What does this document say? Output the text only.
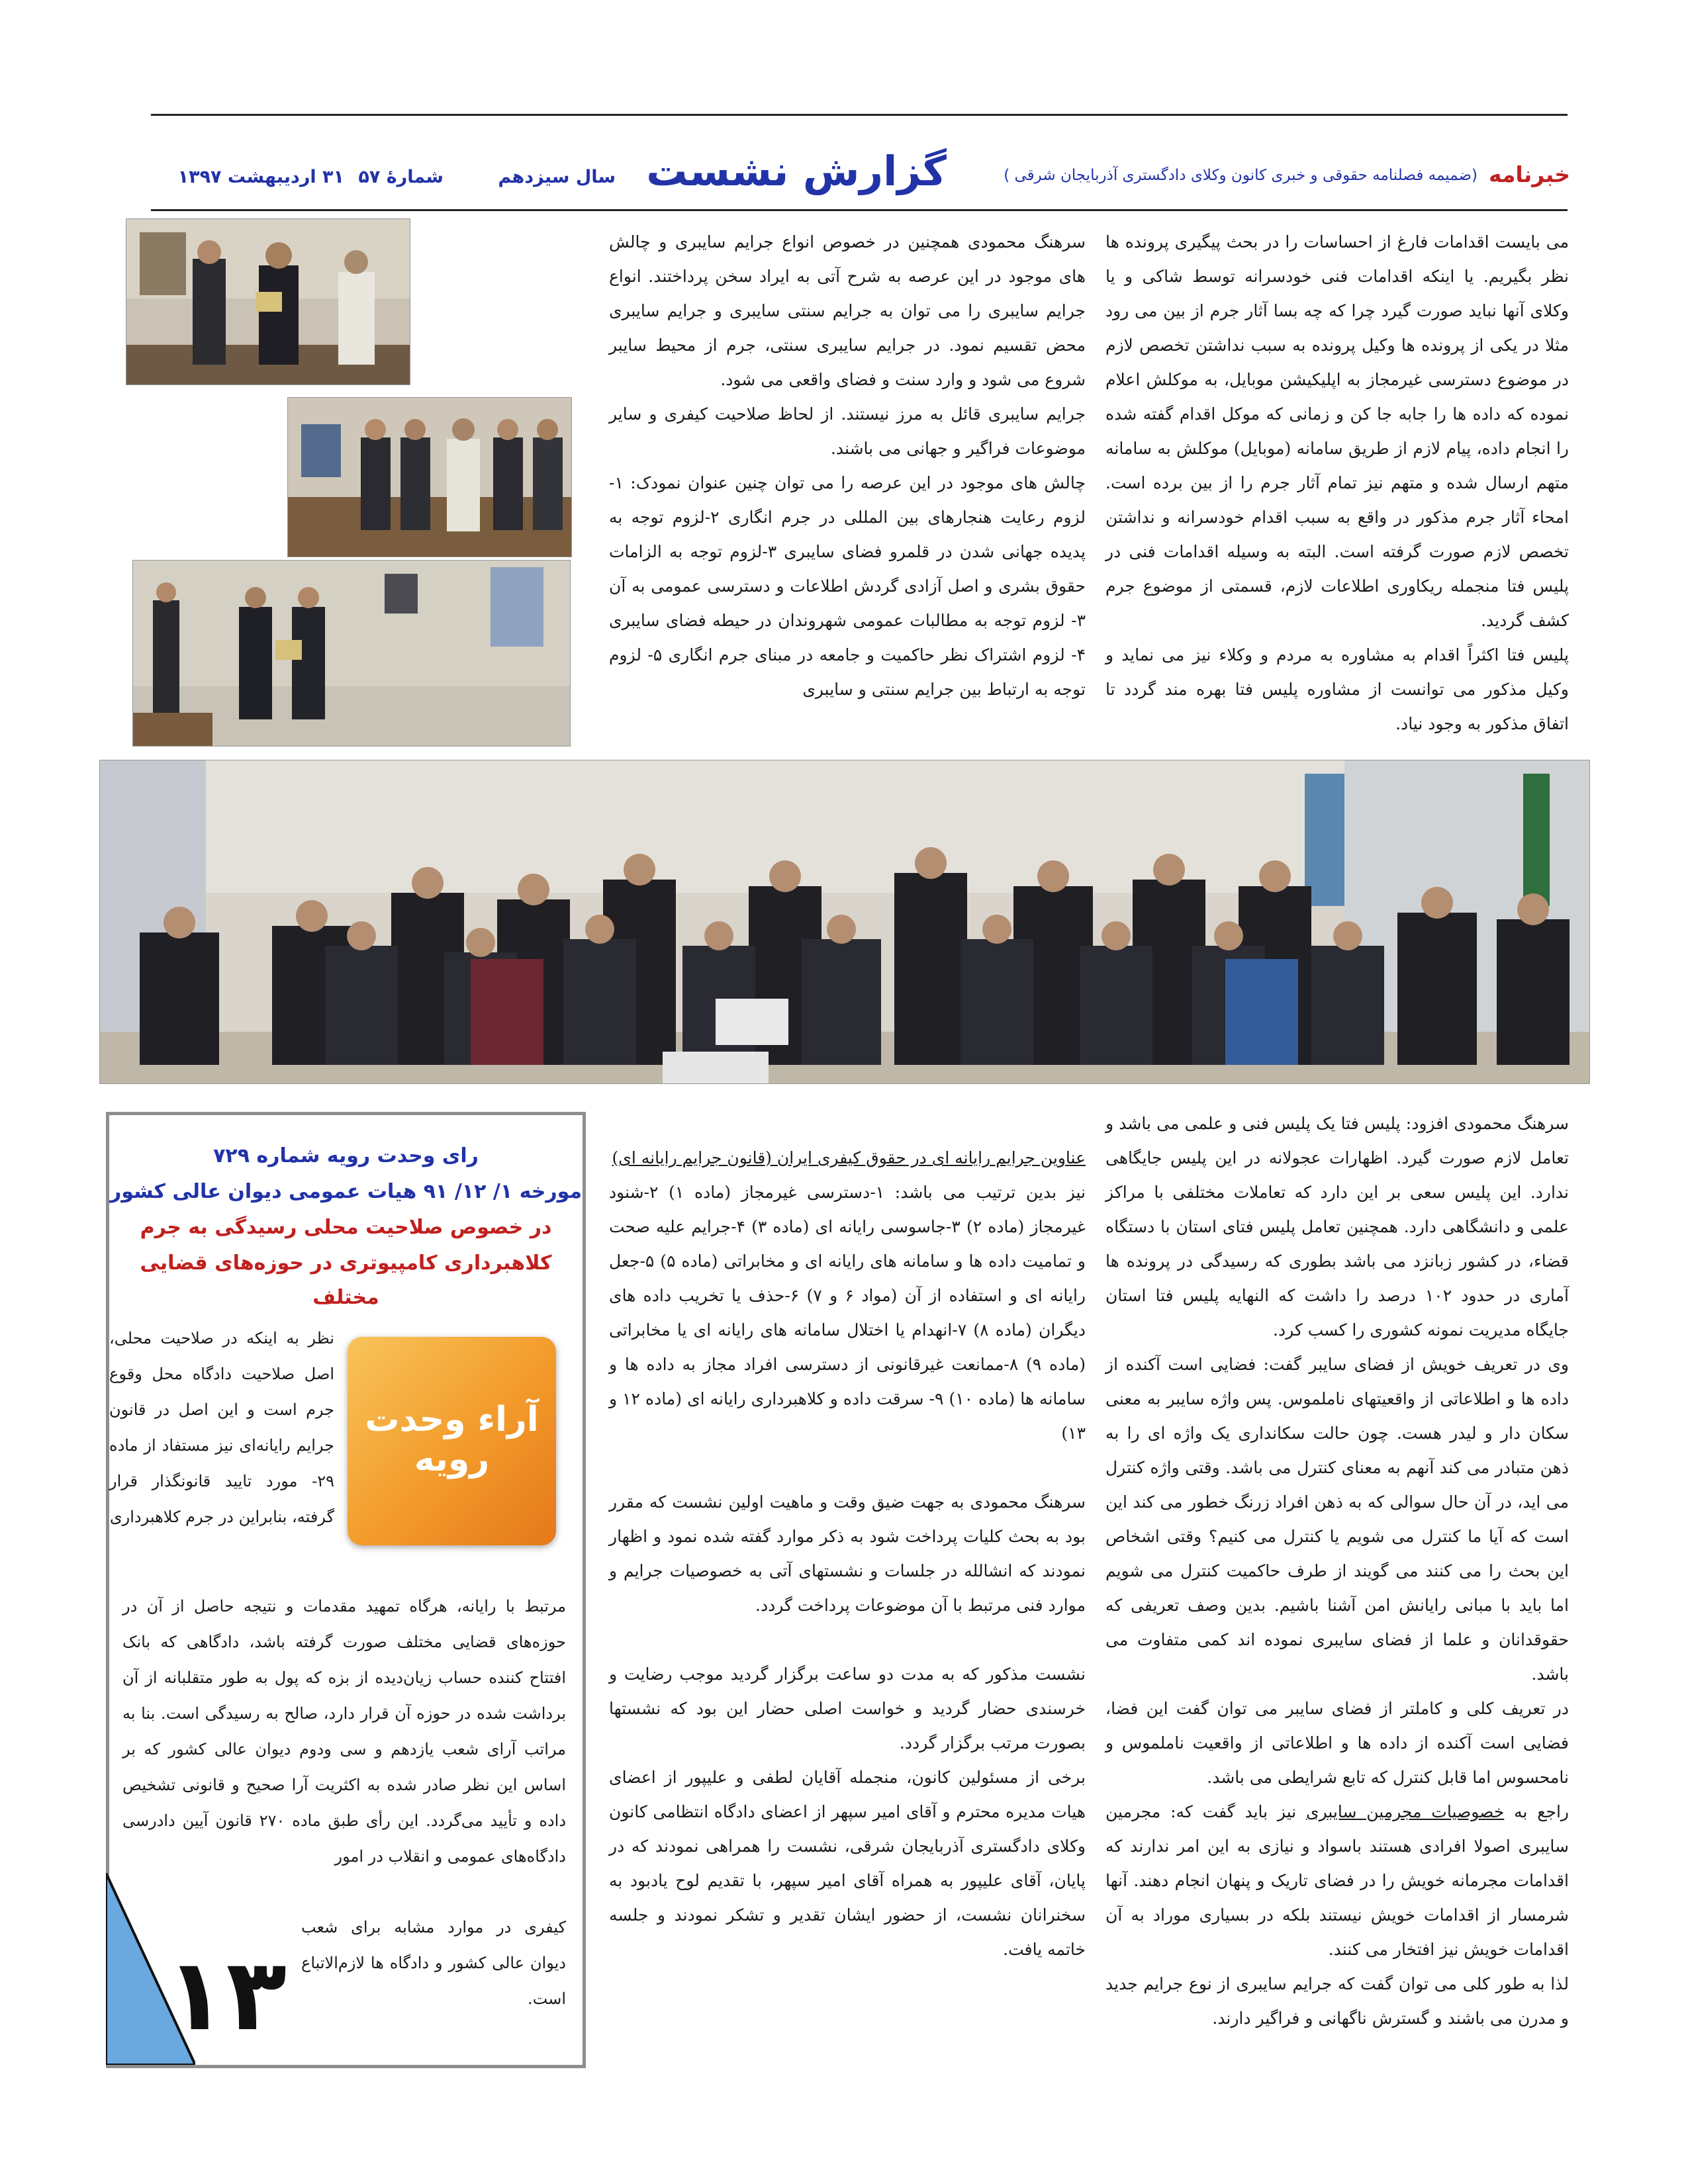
خبرنامه
(ضمیمه فصلنامه حقوقی و خبری کانون وکلای دادگستری آذربایجان شرقی )
گزارش نشست
سال سیزدهم
شمارۀ ۵۷
۳۱ اردیبهشت ۱۳۹۷

می بایست اقدامات فارغ از احساسات را در بحث پیگیری پرونده ها نظر بگیریم. یا اینکه اقدامات فنی خودسرانه توسط شاکی و یا وکلای آنها نباید صورت گیرد چرا که چه بسا آثار جرم از بین می رود مثلا در یکی از پرونده ها وکیل پرونده به سبب نداشتن تخصص لازم در موضوع دسترسی غیرمجاز به اپلیکیشن موبایل، به موکلش اعلام نموده که داده ها را جابه جا کن و زمانی که موکل اقدام گفته شده را انجام داده، پیام لازم از طریق سامانه (موبایل) موکلش به سامانه متهم ارسال شده و متهم نیز تمام آثار جرم را از بین برده است. امحاء آثار جرم مذکور در واقع به سبب اقدام خودسرانه و نداشتن تخصص لازم صورت گرفته است. البته به وسیله اقدامات فنی در پلیس فتا منجمله ریکاوری اطلاعات لازم، قسمتی از موضوع جرم کشف گردید.

پلیس فتا اکثراً اقدام به مشاوره به مردم و وکلاء نیز می نماید و وکیل مذکور می توانست از مشاوره پلیس فتا بهره مند گردد تا اتفاق مذکور به وجود نیاد.

سرهنگ محمودی همچنین در خصوص انواع جرایم سایبری و چالش های موجود در این عرصه به شرح آتی به ایراد سخن پرداختند. انواع جرایم سایبری را می توان به جرایم سنتی سایبری و جرایم سایبری محض تقسیم نمود. در جرایم سایبری سنتی، جرم از محیط سایبر شروع می شود و وارد سنت و فضای واقعی می شود.

جرایم سایبری قائل به مرز نیستند. از لحاظ صلاحیت کیفری و سایر موضوعات فراگیر و جهانی می باشند.

چالش های موجود در این عرصه را می توان چنین عنوان نمودک: ۱- لزوم رعایت هنجارهای بین المللی در جرم انگاری ۲-لزوم توجه به پدیده جهانی شدن در قلمرو فضای سایبری ۳-لزوم توجه به الزامات حقوق بشری و اصل آزادی گردش اطلاعات و دسترسی عمومی به آن ۳- لزوم توجه به مطالبات عمومی شهروندان در حیطه فضای سایبری ۴- لزوم اشتراک نظر حاکمیت و جامعه در مبنای جرم انگاری ۵- لزوم توجه به ارتباط بین جرایم سنتی و سایبری

سرهنگ محمودی افزود: پلیس فتا یک پلیس فنی و علمی می باشد و تعامل لازم صورت گیرد. اظهارات عجولانه در این پلیس جایگاهی ندارد. این پلیس سعی بر این دارد که تعاملات مختلفی با مراکز علمی و دانشگاهی دارد. همچنین تعامل پلیس فتای استان با دستگاه قضاء، در کشور زبانزد می باشد بطوری که رسیدگی در پرونده ها آماری در حدود ۱۰۲ درصد را داشت که النهایه پلیس فتا استان جایگاه مدیریت نمونه کشوری را کسب کرد.

وی در تعریف خویش از فضای سایبر گفت: فضایی است آکنده از داده ها و اطلاعاتی از واقعیتهای ناملموس. پس واژه سایبر به معنی سکان دار و لیدر هست. چون حالت سکانداری یک واژه ای را به ذهن متبادر می کند آنهم به معنای کنترل می باشد. وقتی واژه کنترل می اید، در آن حال سوالی که به ذهن افراد زرنگ خطور می کند این است که آیا ما کنترل می شویم یا کنترل می کنیم؟ وقتی اشخاص این بحث را می کنند می گویند از طرف حاکمیت کنترل می شویم اما باید با مبانی رایانش امن آشنا باشیم. بدین وصف تعریفی که حقوقدانان و علما از فضای سایبری نموده اند کمی متفاوت می باشد.

در تعریف کلی و کاملتر از فضای سایبر می توان گفت این فضا، فضایی است آکنده از داده ها و اطلاعاتی از واقعیت ناملموس و نامحسوس اما قابل کنترل که تابع شرایطی می باشد.

راجع به خصوصیات مجرمین سایبری نیز باید گفت که: مجرمین سایبری اصولا افرادی هستند باسواد و نیازی به این امر ندارند که اقدامات مجرمانه خویش را در فضای تاریک و پنهان انجام دهند. آنها شرمسار از اقدامات خویش نیستند بلکه در بسیاری موراد به آن اقدامات خویش نیز افتخار می کنند.

لذا به طور کلی می توان گفت که جرایم سایبری از نوع جرایم جدید و مدرن می باشند و گسترش ناگهانی و فراگیر دارند.

عناوین جرایم رایانه ای در حقوق کیفری ایران (قانون جرایم رایانه ای)

نیز بدین ترتیب می باشد: ۱-دسترسی غیرمجاز (ماده ۱) ۲-شنود غیرمجاز (ماده ۲) ۳-جاسوسی رایانه ای (ماده ۳) ۴-جرایم علیه صحت و تمامیت داده ها و سامانه های رایانه ای و مخابراتی (ماده ۵) ۵-جعل رایانه ای و استفاده از آن (مواد ۶ و ۷) ۶-حذف یا تخریب داده های دیگران (ماده ۸) ۷-انهدام یا اختلال سامانه های رایانه ای یا مخابراتی (ماده ۹) ۸-ممانعت غیرقانونی از دسترسی افراد مجاز به داده ها و سامانه ها (ماده ۱۰) ۹- سرقت داده و کلاهبرداری رایانه ای (ماده ۱۲ و ۱۳)

سرهنگ محمودی به جهت ضیق وقت و ماهیت اولین نشست که مقرر بود به بحث کلیات پرداخت شود به ذکر موارد گفته شده نمود و اظهار نمودند که انشالله در جلسات و نشستهای آتی به خصوصیات جرایم و موارد فنی مرتبط با آن موضوعات پرداخت گردد.

نشست مذکور که به مدت دو ساعت برگزار گردید موجب رضایت و خرسندی حضار گردید و خواست اصلی حضار این بود که نشستها بصورت مرتب برگزار گردد.

برخی از مسئولین کانون، منجمله آقایان لطفی و علیپور از اعضای هیات مدیره محترم و آقای امیر سپهر از اعضای دادگاه انتظامی کانون وکلای دادگستری آذربایجان شرقی، نشست را همراهی نمودند که در پایان، آقای علیپور به همراه آقای امیر سپهر، با تقدیم لوح یادبود به سخنرانان نشست، از حضور ایشان تقدیر و تشکر نمودند و جلسه خاتمه یافت.

رای وحدت رویه شماره ۷۲۹
مورخه ۱/ ۱۲/ ۹۱ هیات عمومی دیوان عالی کشور
در خصوص صلاحیت محلی رسیدگی به جرم
کلاهبرداری کامپیوتری در حوزه‌های قضایی مختلف
آراء وحدت رویه
نظر به اینکه در صلاحیت محلی، اصل صلاحیت دادگاه محل وقوع جرم است و این اصل در قانون جرایم رایانه‌ای نیز مستفاد از ماده ۲۹- مورد تایید قانونگذار قرار گرفته، بنابراین در جرم کلاهبرداری
مرتبط با رایانه، هرگاه تمهید مقدمات و نتیجه حاصل از آن در حوزه‌های قضایی مختلف صورت گرفته باشد، دادگاهی که بانک افتتاح کننده حساب زیان‌دیده از بزه که پول به طور متقلبانه از آن برداشت شده در حوزه آن قرار دارد، صالح به رسیدگی است. بنا به مراتب آرای شعب یازدهم و سی ودوم دیوان عالی کشور که بر اساس این نظر صادر شده به اکثریت آرا صحیح و قانونی تشخیص داده و تأیید می‌گردد. این رأی طبق ماده ۲۷۰ قانون آیین دادرسی دادگاه‌های عمومی و انقلاب در امور
کیفری در موارد مشابه برای شعب دیوان عالی کشور و دادگاه ها لازم‌الاتباع است.
۱۳
